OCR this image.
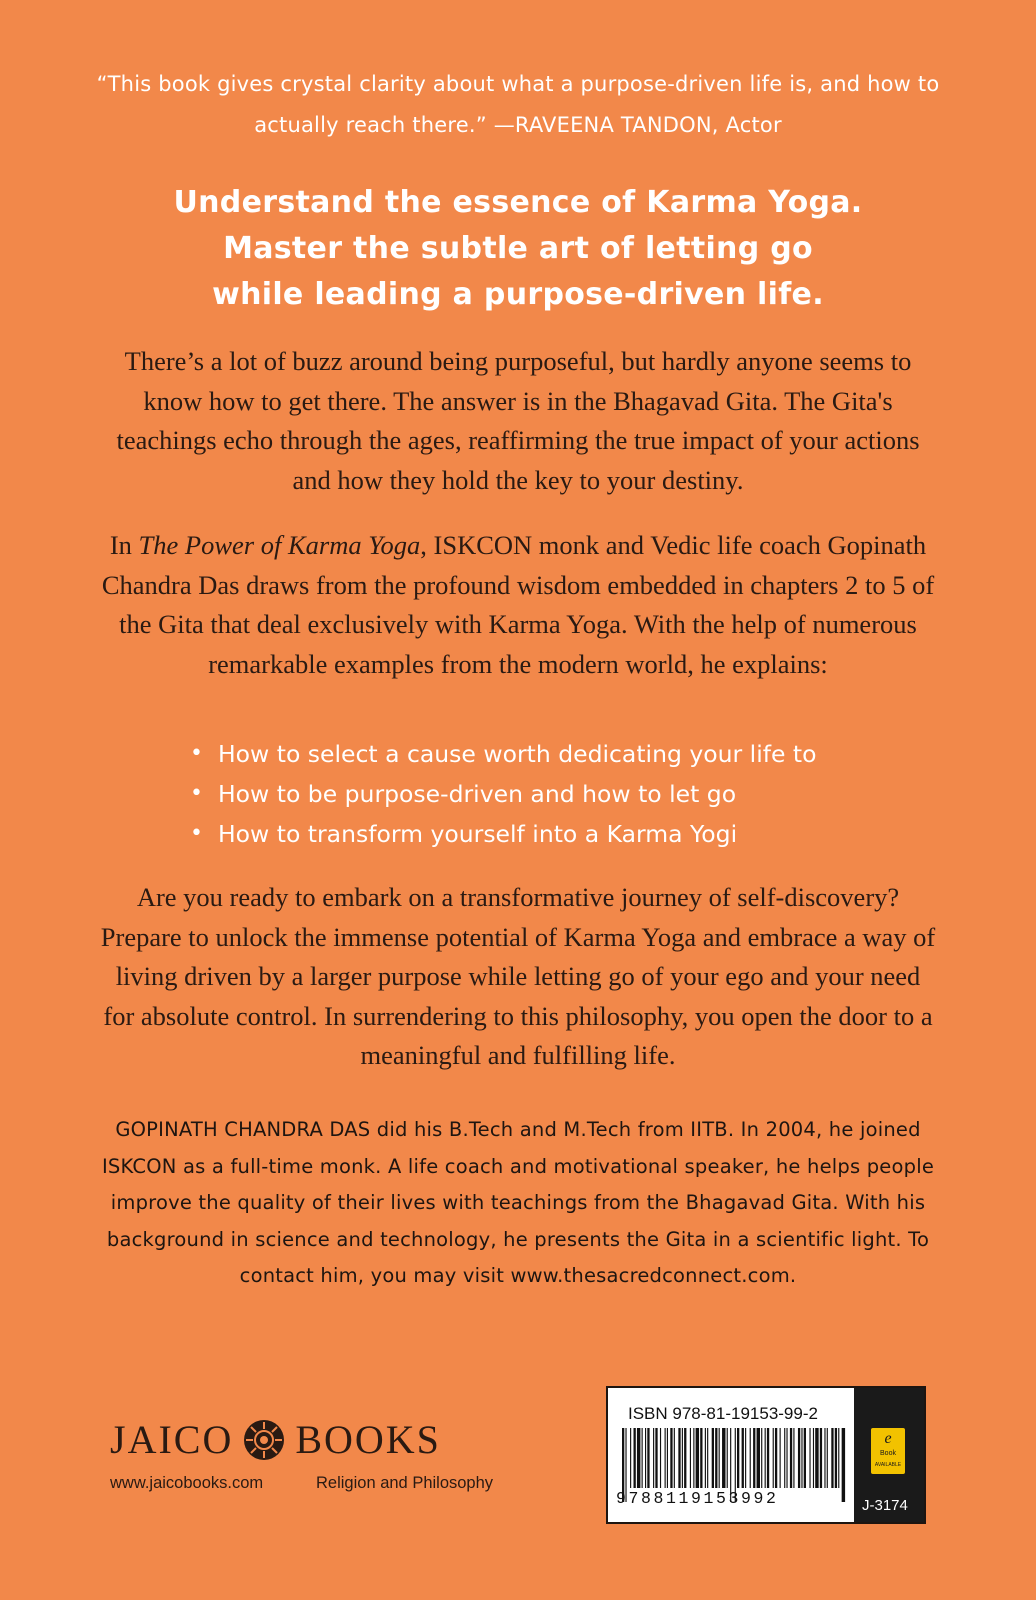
“This book gives crystal clarity about what a purpose-driven life is, and how to actually reach there.” —RAVEENA TANDON, Actor
Understand the essence of Karma Yoga.
Master the subtle art of letting go
while leading a purpose-driven life.
There’s a lot of buzz around being purposeful, but hardly anyone seems to know how to get there. The answer is in the Bhagavad Gita. The Gita's teachings echo through the ages, reaffirming the true impact of your actions and how they hold the key to your destiny.
In The Power of Karma Yoga, ISKCON monk and Vedic life coach Gopinath Chandra Das draws from the profound wisdom embedded in chapters 2 to 5 of the Gita that deal exclusively with Karma Yoga. With the help of numerous remarkable examples from the modern world, he explains:
• How to select a cause worth dedicating your life to
• How to be purpose-driven and how to let go
• How to transform yourself into a Karma Yogi
Are you ready to embark on a transformative journey of self-discovery? Prepare to unlock the immense potential of Karma Yoga and embrace a way of living driven by a larger purpose while letting go of your ego and your need for absolute control. In surrendering to this philosophy, you open the door to a meaningful and fulfilling life.
GOPINATH CHANDRA DAS did his B.Tech and M.Tech from IITB. In 2004, he joined ISKCON as a full-time monk. A life coach and motivational speaker, he helps people improve the quality of their lives with teachings from the Bhagavad Gita. With his background in science and technology, he presents the Gita in a scientific light. To contact him, you may visit www.thesacredconnect.com.
JAICO BOOKS
www.jaicobooks.com	Religion and Philosophy
ISBN 978-81-19153-99-2
9788119153992
e
Book
AVAILABLE
J-3174
